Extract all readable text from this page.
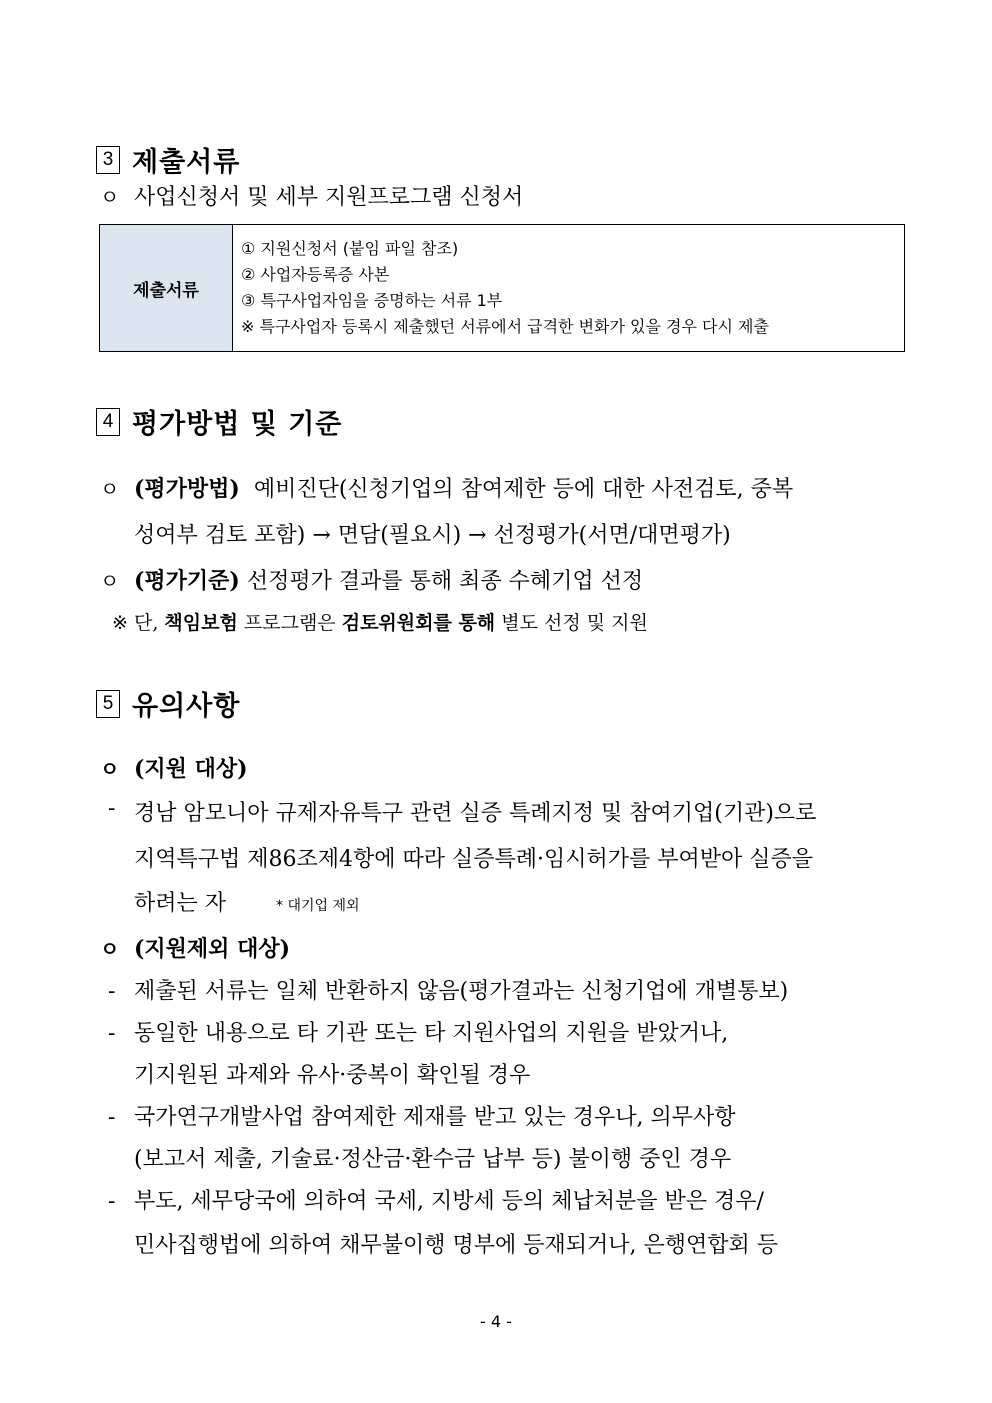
3 제출서류
ㅇ 사업신청서 및 세부 지원프로그램 신청서
제출서류	
① 지원신청서 (붙임 파일 참조)
② 사업자등록증 사본
③ 특구사업자임을 증명하는 서류 1부
※ 특구사업자 등록시 제출했던 서류에서 급격한 변화가 있을 경우 다시 제출
4 평가방법 및 기준
ㅇ (평가방법) 예비진단(신청기업의 참여제한 등에 대한 사전검토, 중복
성여부 검토 포함) → 면담(필요시) → 선정평가(서면/대면평가)
ㅇ (평가기준) 선정평가 결과를 통해 최종 수혜기업 선정
※ 단, 책임보험 프로그램은 검토위원회를 통해 별도 선정 및 지원
5 유의사항
ㅇ (지원 대상)
- 경남 암모니아 규제자유특구 관련 실증 특례지정 및 참여기업(기관)으로
지역특구법 제86조제4항에 따라 실증특례·임시허가를 부여받아 실증을
하려는 자	* 대기업 제외
ㅇ (지원제외 대상)
- 제출된 서류는 일체 반환하지 않음(평가결과는 신청기업에 개별통보)
- 동일한 내용으로 타 기관 또는 타 지원사업의 지원을 받았거나,
기지원된 과제와 유사·중복이 확인될 경우
- 국가연구개발사업 참여제한 제재를 받고 있는 경우나, 의무사항
(보고서 제출, 기술료·정산금·환수금 납부 등) 불이행 중인 경우
- 부도, 세무당국에 의하여 국세, 지방세 등의 체납처분을 받은 경우/
민사집행법에 의하여 채무불이행 명부에 등재되거나, 은행연합회 등
- 4 -
